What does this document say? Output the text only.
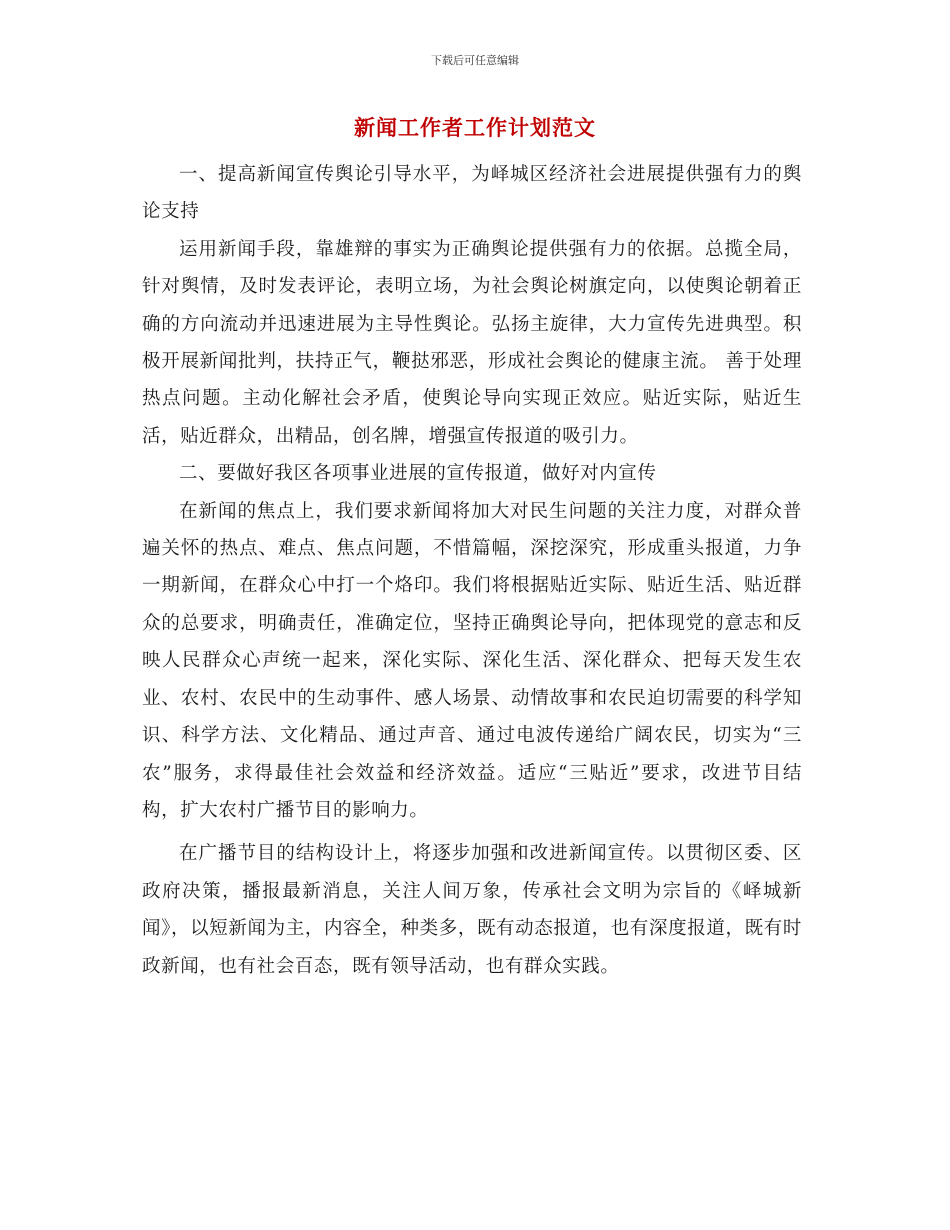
下载后可任意编辑
新闻工作者工作计划范文

一、提高新闻宣传舆论引导水平，为峄城区经济社会进展提供强有力的舆论支持

运用新闻手段，靠雄辩的事实为正确舆论提供强有力的依据。总揽全局，针对舆情，及时发表评论，表明立场，为社会舆论树旗定向，以使舆论朝着正确的方向流动并迅速进展为主导性舆论。弘扬主旋律，大力宣传先进典型。积极开展新闻批判，扶持正气，鞭挞邪恶，形成社会舆论的健康主流。 善于处理热点问题。主动化解社会矛盾，使舆论导向实现正效应。贴近实际，贴近生活，贴近群众，出精品，创名牌，增强宣传报道的吸引力。

二、要做好我区各项事业进展的宣传报道，做好对内宣传

在新闻的焦点上，我们要求新闻将加大对民生问题的关注力度，对群众普遍关怀的热点、难点、焦点问题，不惜篇幅，深挖深究，形成重头报道，力争一期新闻，在群众心中打一个烙印。我们将根据贴近实际、贴近生活、贴近群众的总要求，明确责任，准确定位，坚持正确舆论导向，把体现党的意志和反映人民群众心声统一起来，深化实际、深化生活、深化群众、把每天发生农业、农村、农民中的生动事件、感人场景、动情故事和农民迫切需要的科学知识、科学方法、文化精品、通过声音、通过电波传递给广阔农民，切实为“三农”服务，求得最佳社会效益和经济效益。适应“三贴近”要求，改进节目结构，扩大农村广播节目的影响力。

在广播节目的结构设计上，将逐步加强和改进新闻宣传。以贯彻区委、区政府决策，播报最新消息，关注人间万象，传承社会文明为宗旨的《峄城新闻》，以短新闻为主，内容全，种类多，既有动态报道，也有深度报道，既有时政新闻，也有社会百态，既有领导活动，也有群众实践。
